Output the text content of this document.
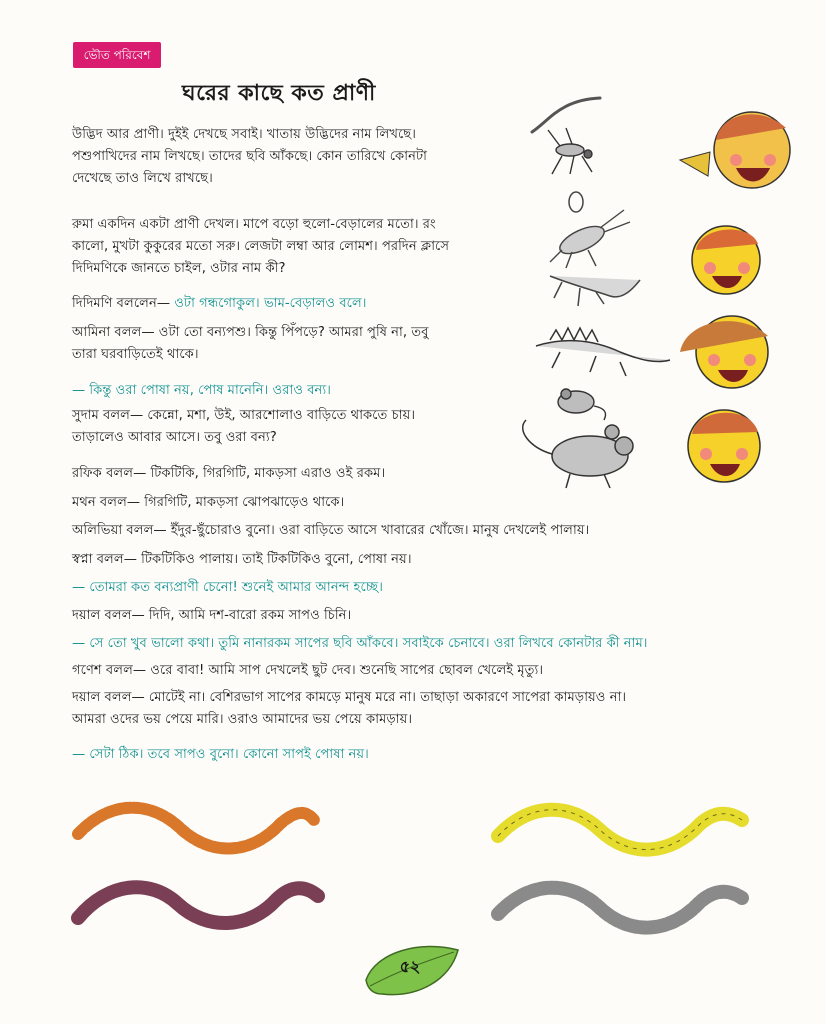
ভৌত পরিবেশ
ঘরের কাছে কত প্রাণী

উদ্ভিদ আর প্রাণী। দুইই দেখছে সবাই। খাতায় উদ্ভিদের নাম লিখছে।
পশুপাখিদের নাম লিখছে। তাদের ছবি আঁকছে। কোন তারিখে কোনটা
দেখেছে তাও লিখে রাখছে।

রুমা একদিন একটা প্রাণী দেখল। মাপে বড়ো হুলো-বেড়ালের মতো। রং
কালো, মুখটা কুকুরের মতো সরু। লেজটা লম্বা আর লোমশ। পরদিন ক্লাসে
দিদিমণিকে জানতে চাইল, ওটার নাম কী?

দিদিমণি বললেন— ওটা গন্ধগোকুল। ভাম-বেড়ালও বলে।

আমিনা বলল— ওটা তো বন্যপশু। কিন্তু পিঁপড়ে? আমরা পুষি না, তবু
তারা ঘরবাড়িতেই থাকে।

— কিন্তু ওরা পোষা নয়, পোষ মানেনি। ওরাও বন্য।

সুদাম বলল— কেন্নো, মশা, উই, আরশোলাও বাড়িতে থাকতে চায়।
তাড়ালেও আবার আসে। তবু ওরা বন্য?

রফিক বলল— টিকটিকি, গিরগিটি, মাকড়সা এরাও ওই রকম।

মথন বলল— গিরগিটি, মাকড়সা ঝোপঝাড়েও থাকে।

অলিভিয়া বলল— ইঁদুর-ছুঁচোরাও বুনো। ওরা বাড়িতে আসে খাবারের খোঁজে। মানুষ দেখলেই পালায়।

স্বপ্না বলল— টিকটিকিও পালায়। তাই টিকটিকিও বুনো, পোষা নয়।

— তোমরা কত বন্যপ্রাণী চেনো! শুনেই আমার আনন্দ হচ্ছে।

দয়াল বলল— দিদি, আমি দশ-বারো রকম সাপও চিনি।

— সে তো খুব ভালো কথা। তুমি নানারকম সাপের ছবি আঁকবে। সবাইকে চেনাবে। ওরা লিখবে কোনটার কী নাম।

গণেশ বলল— ওরে বাবা! আমি সাপ দেখলেই ছুট দেব। শুনেছি সাপের ছোবল খেলেই মৃত্যু।

দয়াল বলল— মোটেই না। বেশিরভাগ সাপের কামড়ে মানুষ মরে না। তাছাড়া অকারণে সাপেরা কামড়ায়ও না।
আমরা ওদের ভয় পেয়ে মারি। ওরাও আমাদের ভয় পেয়ে কামড়ায়।

— সেটা ঠিক। তবে সাপও বুনো। কোনো সাপই পোষা নয়।

৫২
